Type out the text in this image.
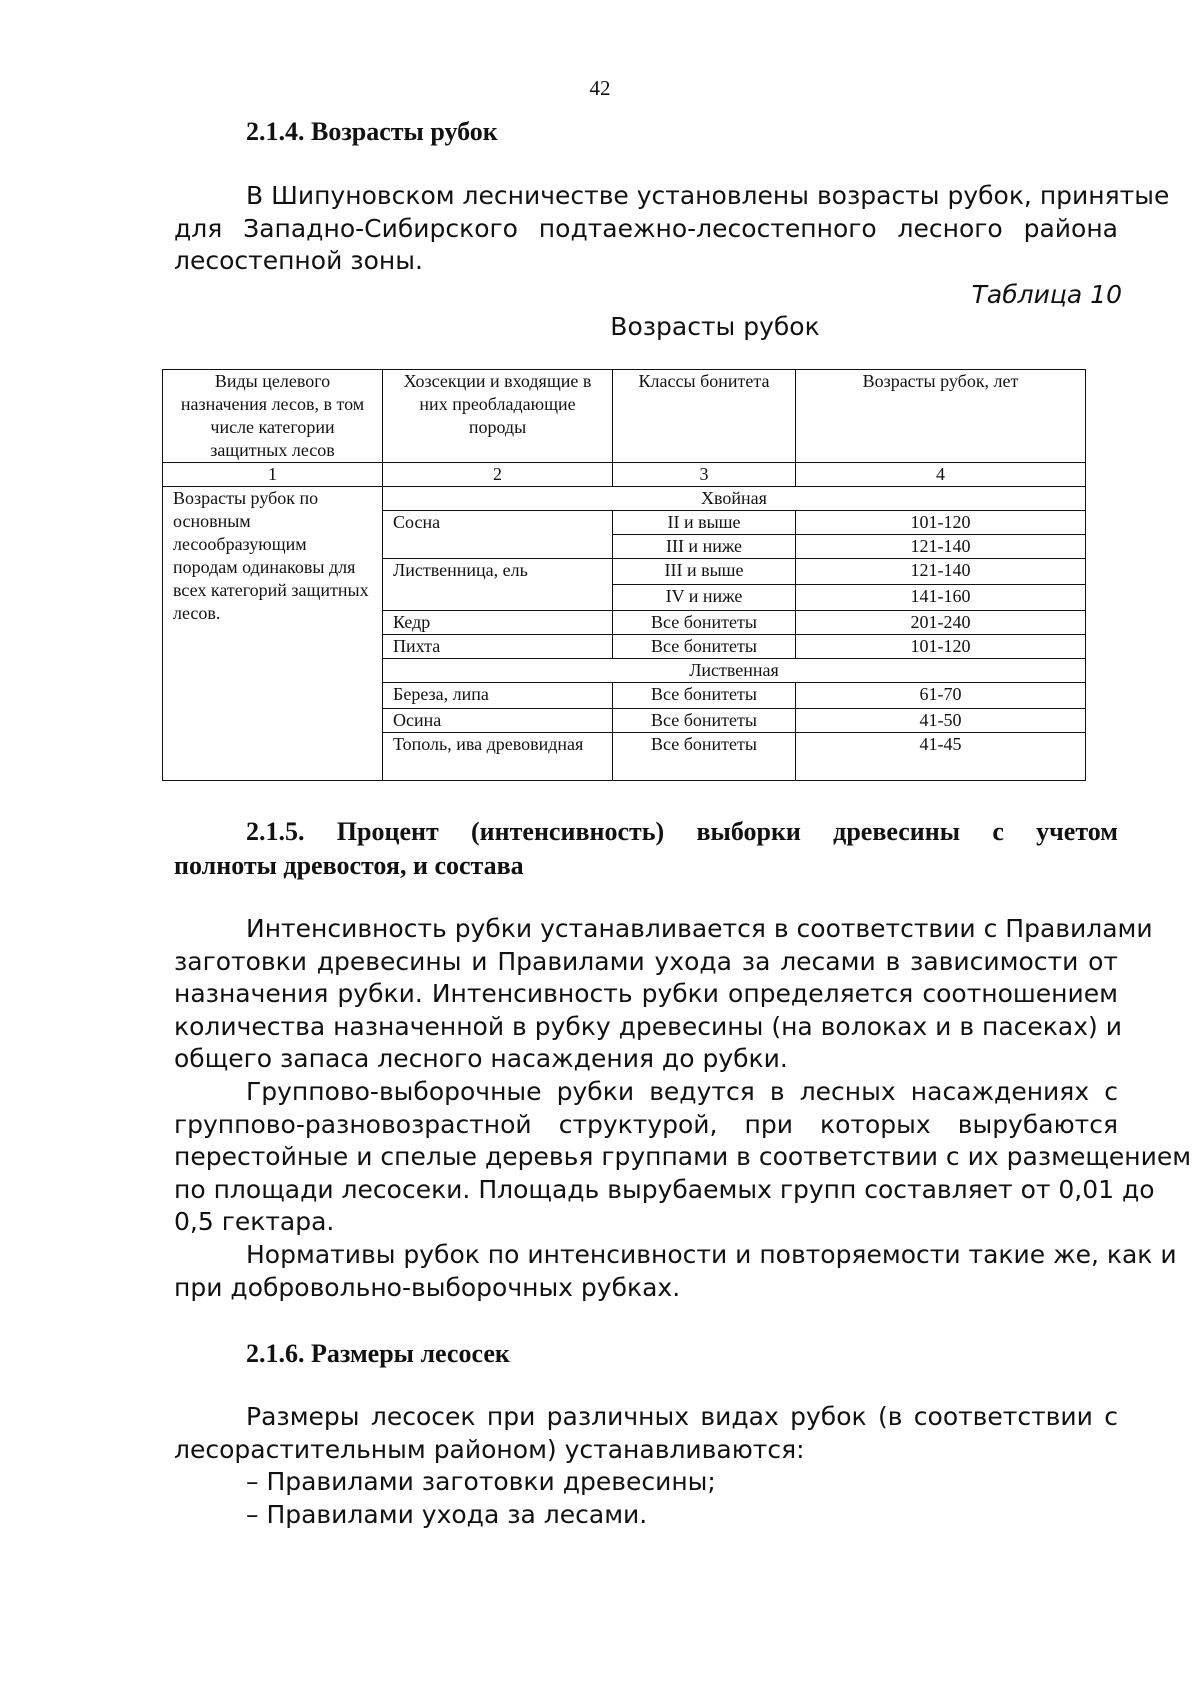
42
2.1.4. Возрасты рубок
В Шипуновском лесничестве установлены возрасты рубок, принятые
для Западно-Сибирского подтаежно-лесостепного лесного района
лесостепной зоны.
Таблица 10
Возрасты рубок
Виды целевого назначения лесов, в том числе категории защитных лесов	Хозсекции и входящие в них преобладающие породы	Классы бонитета	Возрасты рубок, лет
1	2	3	4
Возрасты рубок по основным лесообразующим породам одинаковы для всех категорий защитных лесов.	Хвойная		
	Сосна	II и выше	101-120
		III и ниже	121-140
	Лиственница, ель	III и выше	121-140
		IV и ниже	141-160
	Кедр	Все бонитеты	201-240
	Пихта	Все бонитеты	101-120
	Лиственная		
	Береза, липа	Все бонитеты	61-70
	Осина	Все бонитеты	41-50
	Тополь, ива древовидная	Все бонитеты	41-45
2.1.5. Процент (интенсивность) выборки древесины с учетом
полноты древостоя, и состава
Интенсивность рубки устанавливается в соответствии с Правилами
заготовки древесины и Правилами ухода за лесами в зависимости от
назначения рубки. Интенсивность рубки определяется соотношением
количества назначенной в рубку древесины (на волоках и в пасеках) и
общего запаса лесного насаждения до рубки.
Группово-выборочные рубки ведутся в лесных насаждениях с
группово-разновозрастной структурой, при которых вырубаются
перестойные и спелые деревья группами в соответствии с их размещением
по площади лесосеки. Площадь вырубаемых групп составляет от 0,01 до
0,5 гектара.
Нормативы рубок по интенсивности и повторяемости такие же, как и
при добровольно-выборочных рубках.
2.1.6. Размеры лесосек
Размеры лесосек при различных видах рубок (в соответствии с
лесорастительным районом) устанавливаются:
– Правилами заготовки древесины;
– Правилами ухода за лесами.
